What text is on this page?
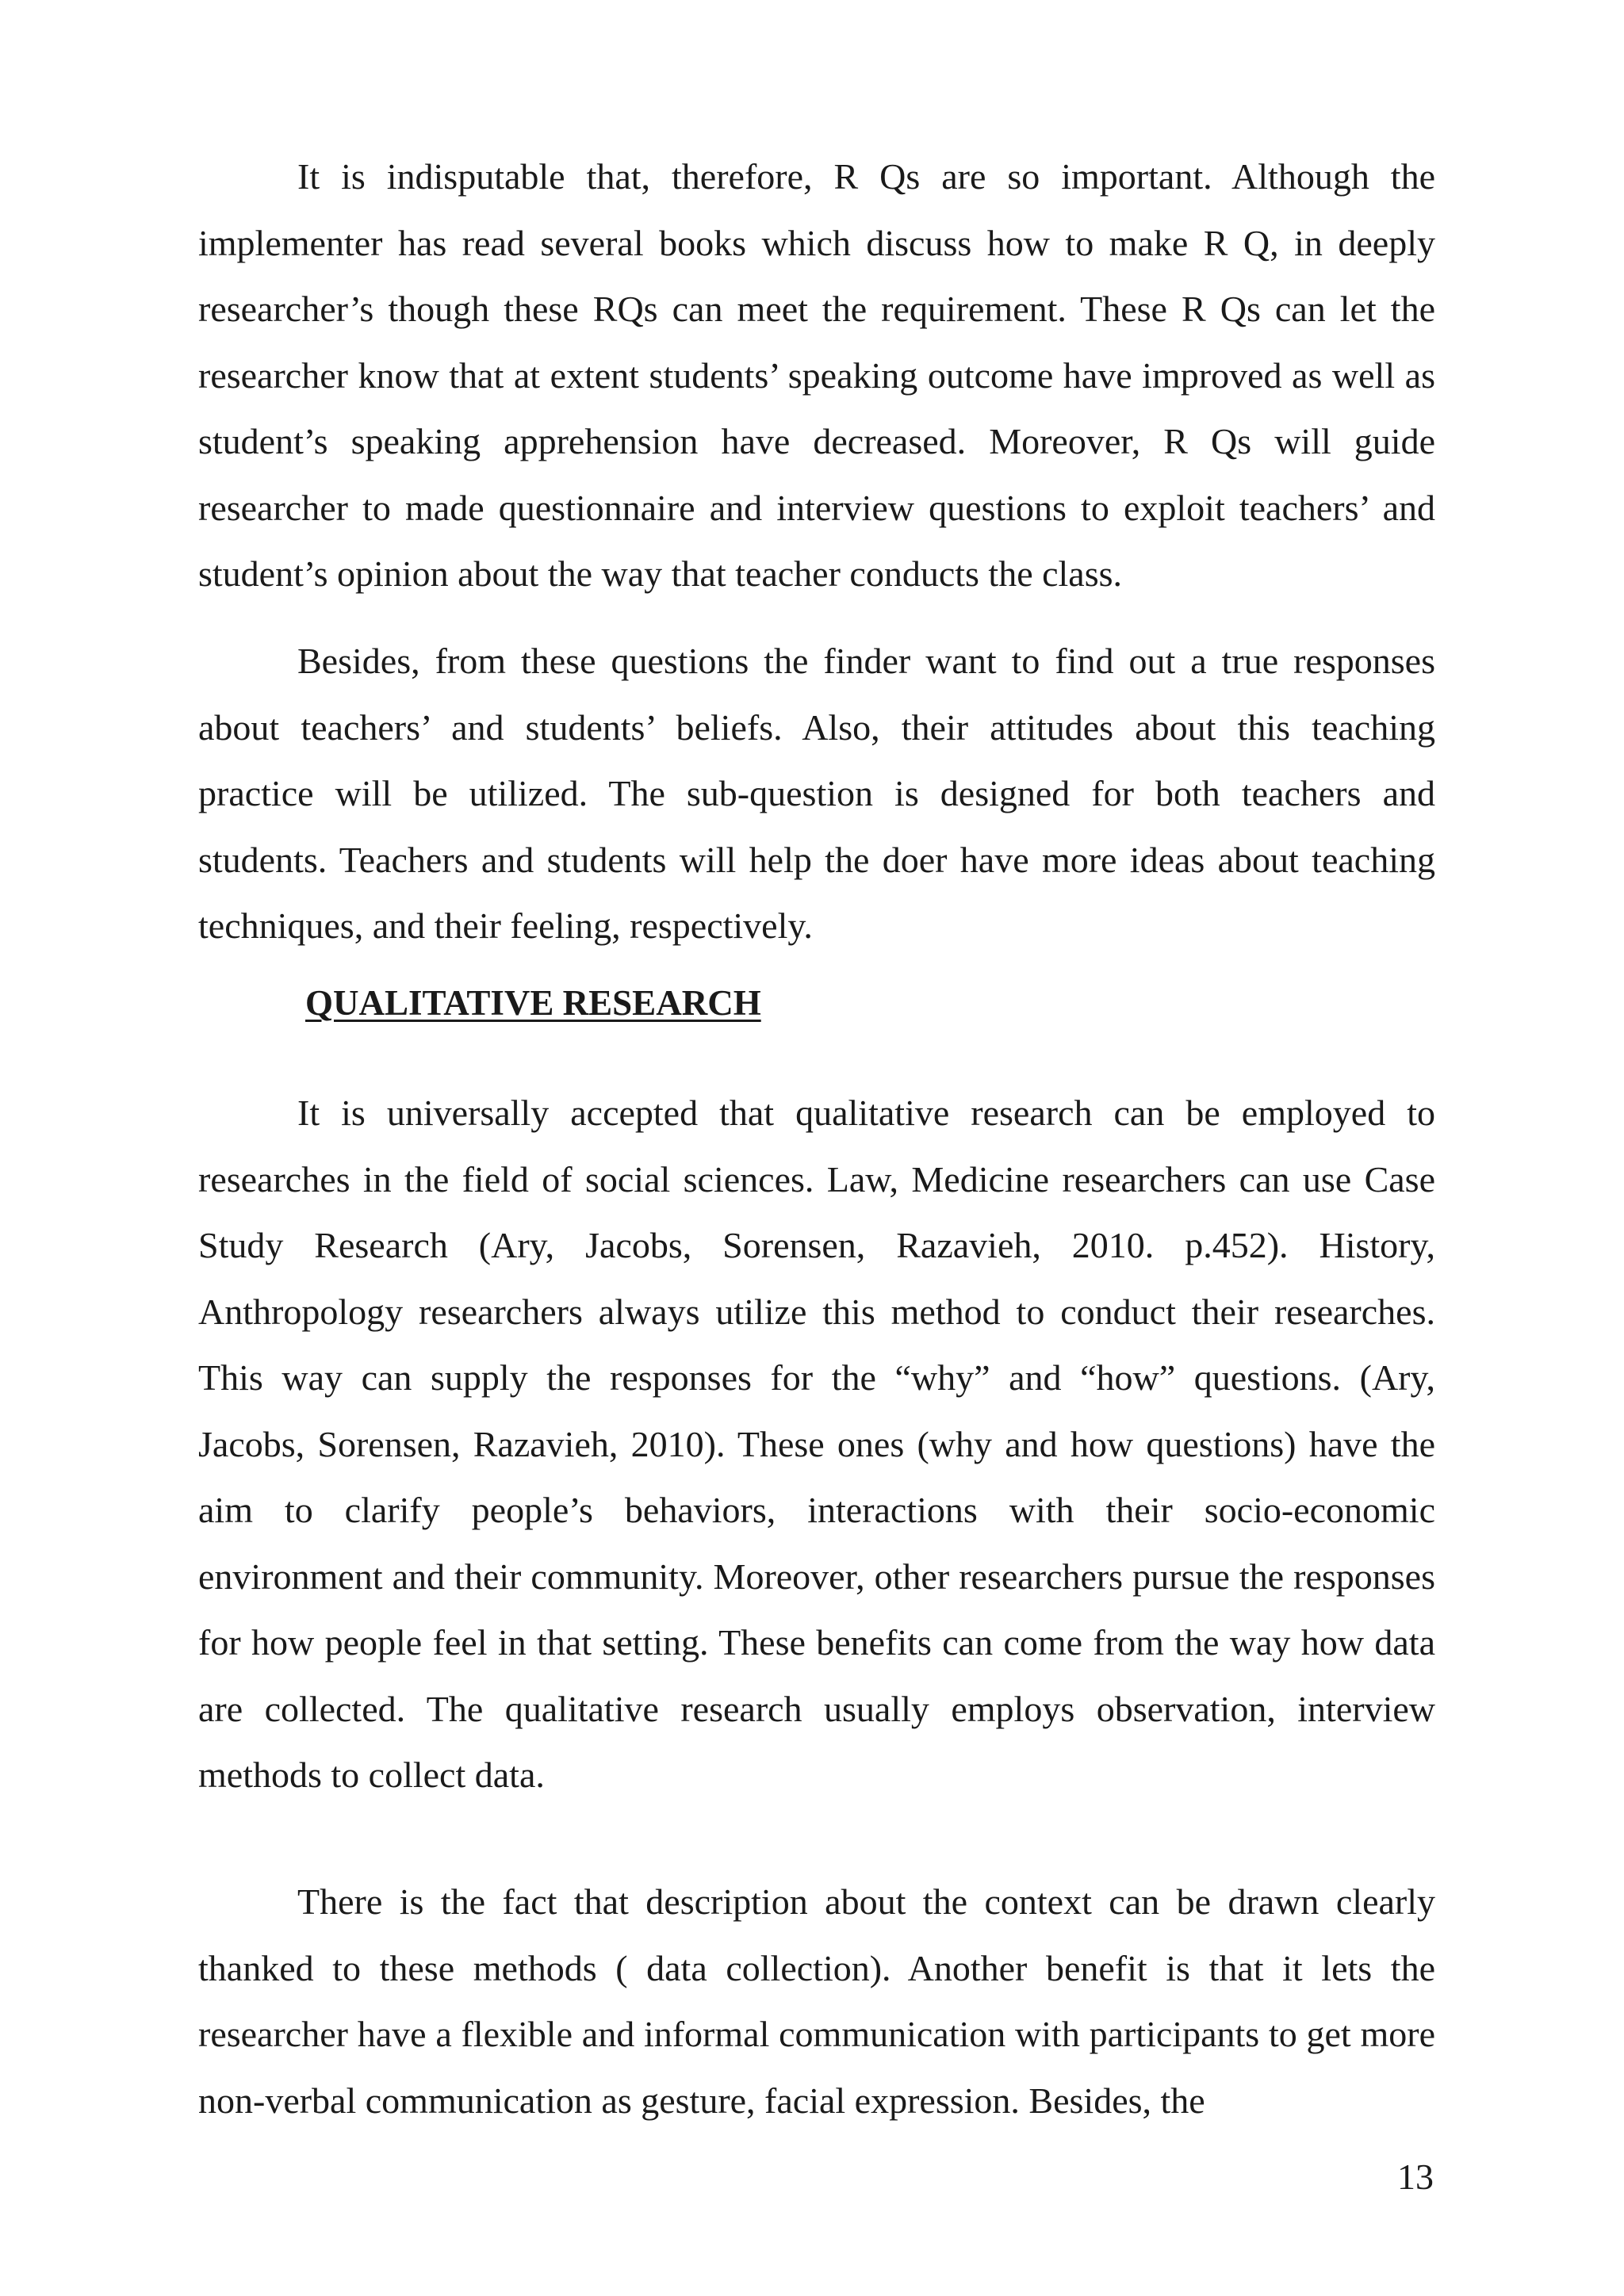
It is indisputable that, therefore, R Qs are so important. Although the implementer has read several books which discuss how to make R Q, in deeply researcher’s though these RQs can meet the requirement. These R Qs can let the researcher know that at extent students’ speaking outcome have improved as well as student’s speaking apprehension have decreased. Moreover, R Qs will guide researcher to made questionnaire and interview questions to exploit teachers’ and student’s opinion about the way that teacher conducts the class.

Besides, from these questions the finder want to find out a true responses about teachers’ and students’ beliefs. Also, their attitudes about this teaching practice will be utilized. The sub-question is designed for both teachers and students. Teachers and students will help the doer have more ideas about teaching techniques, and their feeling, respectively.

QUALITATIVE RESEARCH

It is universally accepted that qualitative research can be employed to researches in the field of social sciences. Law, Medicine researchers can use Case Study Research (Ary, Jacobs, Sorensen, Razavieh, 2010. p.452). History, Anthropology researchers always utilize this method to conduct their researches. This way can supply the responses for the “why” and “how” questions. (Ary, Jacobs, Sorensen, Razavieh, 2010). These ones (why and how questions) have the aim to clarify people’s behaviors, interactions with their socio-economic environment and their community. Moreover, other researchers pursue the responses for how people feel in that setting. These benefits can come from the way how data are collected. The qualitative research usually employs observation, interview methods to collect data.

There is the fact that description about the context can be drawn clearly thanked to these methods ( data collection). Another benefit is that it lets the researcher have a flexible and informal communication with participants to get more non-verbal communication as gesture, facial expression. Besides, the

13
